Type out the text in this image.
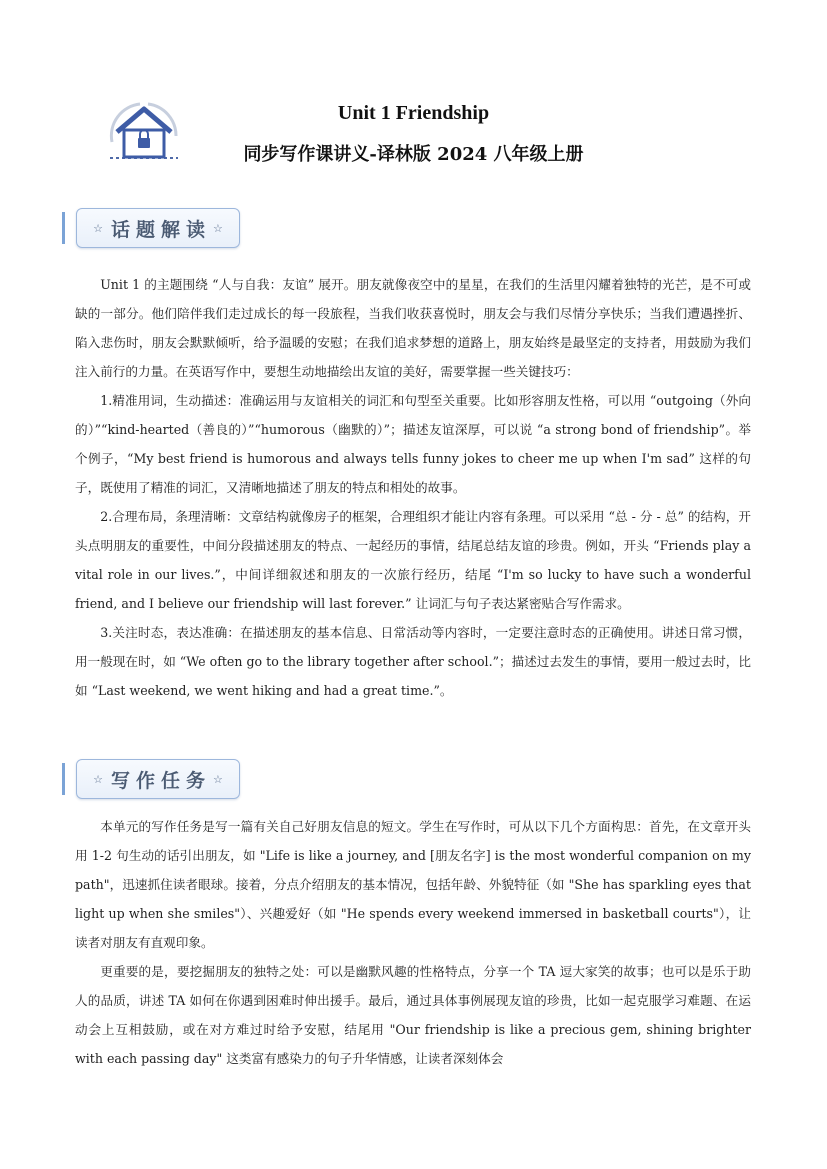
Unit 1 Friendship
同步写作课讲义-译林版 2024 八年级上册
☆ 话题解读 ☆

Unit 1 的主题围绕 “人与自我：友谊” 展开。朋友就像夜空中的星星，在我们的生活里闪耀着独特的光芒，是不可或缺的一部分。他们陪伴我们走过成长的每一段旅程，当我们收获喜悦时，朋友会与我们尽情分享快乐；当我们遭遇挫折、陷入悲伤时，朋友会默默倾听，给予温暖的安慰；在我们追求梦想的道路上，朋友始终是最坚定的支持者，用鼓励为我们注入前行的力量。在英语写作中，要想生动地描绘出友谊的美好，需要掌握一些关键技巧：

1.精准用词，生动描述：准确运用与友谊相关的词汇和句型至关重要。比如形容朋友性格，可以用 “outgoing（外向的）”“kind-hearted（善良的）”“humorous（幽默的）”；描述友谊深厚，可以说 “a strong bond of friendship”。举个例子，“My best friend is humorous and always tells funny jokes to cheer me up when I'm sad” 这样的句子，既使用了精准的词汇，又清晰地描述了朋友的特点和相处的故事。

2.合理布局，条理清晰：文章结构就像房子的框架，合理组织才能让内容有条理。可以采用 “总 - 分 - 总” 的结构，开头点明朋友的重要性，中间分段描述朋友的特点、一起经历的事情，结尾总结友谊的珍贵。例如，开头 “Friends play a vital role in our lives.”，中间详细叙述和朋友的一次旅行经历，结尾 “I'm so lucky to have such a wonderful friend, and I believe our friendship will last forever.” 让词汇与句子表达紧密贴合写作需求。

3.关注时态，表达准确：在描述朋友的基本信息、日常活动等内容时，一定要注意时态的正确使用。讲述日常习惯，用一般现在时，如 “We often go to the library together after school.”；描述过去发生的事情，要用一般过去时，比如 “Last weekend, we went hiking and had a great time.”。

☆ 写作任务 ☆

本单元的写作任务是写一篇有关自己好朋友信息的短文。学生在写作时，可从以下几个方面构思：首先，在文章开头用 1-2 句生动的话引出朋友，如 "Life is like a journey, and [朋友名字] is the most wonderful companion on my path"，迅速抓住读者眼球。接着，分点介绍朋友的基本情况，包括年龄、外貌特征（如 "She has sparkling eyes that light up when she smiles"）、兴趣爱好（如 "He spends every weekend immersed in basketball courts"），让读者对朋友有直观印象。

更重要的是，要挖掘朋友的独特之处：可以是幽默风趣的性格特点，分享一个 TA 逗大家笑的故事；也可以是乐于助人的品质，讲述 TA 如何在你遇到困难时伸出援手。最后，通过具体事例展现友谊的珍贵，比如一起克服学习难题、在运动会上互相鼓励，或在对方难过时给予安慰，结尾用 "Our friendship is like a precious gem, shining brighter with each passing day" 这类富有感染力的句子升华情感，让读者深刻体会
